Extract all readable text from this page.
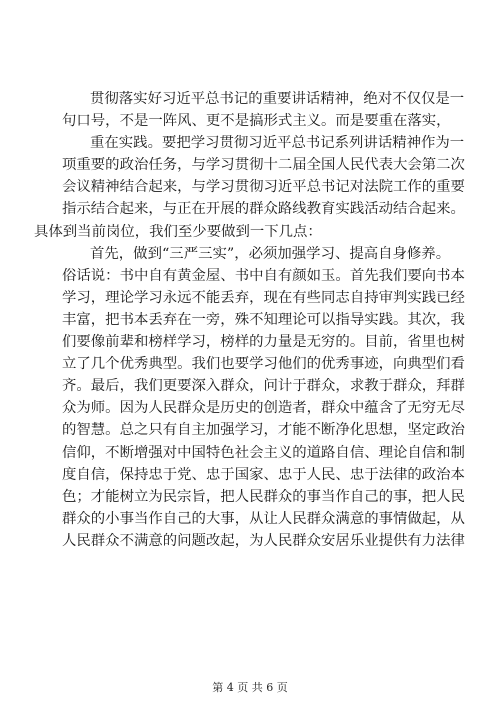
贯彻落实好习近平总书记的重要讲话精神，绝对不仅仅是一
句口号，不是一阵风、更不是搞形式主义。而是要重在落实，
重在实践。要把学习贯彻习近平总书记系列讲话精神作为一
项重要的政治任务，与学习贯彻十二届全国人民代表大会第二次
会议精神结合起来，与学习贯彻习近平总书记对法院工作的重要
指示结合起来，与正在开展的群众路线教育实践活动结合起来。
具体到当前岗位，我们至少要做到一下几点：
首先，做到“三严三实”，必须加强学习、提高自身修养。
俗话说：书中自有黄金屋、书中自有颜如玉。首先我们要向书本
学习，理论学习永远不能丢弃，现在有些同志自持审判实践已经
丰富，把书本丢弃在一旁，殊不知理论可以指导实践。其次，我
们要像前辈和榜样学习，榜样的力量是无穷的。目前，省里也树
立了几个优秀典型。我们也要学习他们的优秀事迹，向典型们看
齐。最后，我们更要深入群众，问计于群众，求教于群众，拜群
众为师。因为人民群众是历史的创造者，群众中蕴含了无穷无尽
的智慧。总之只有自主加强学习，才能不断净化思想，坚定政治
信仰，不断增强对中国特色社会主义的道路自信、理论自信和制
度自信，保持忠于党、忠于国家、忠于人民、忠于法律的政治本
色；才能树立为民宗旨，把人民群众的事当作自己的事，把人民
群众的小事当作自己的大事，从让人民群众满意的事情做起，从
人民群众不满意的问题改起，为人民群众安居乐业提供有力法律
第 4 页 共 6 页
